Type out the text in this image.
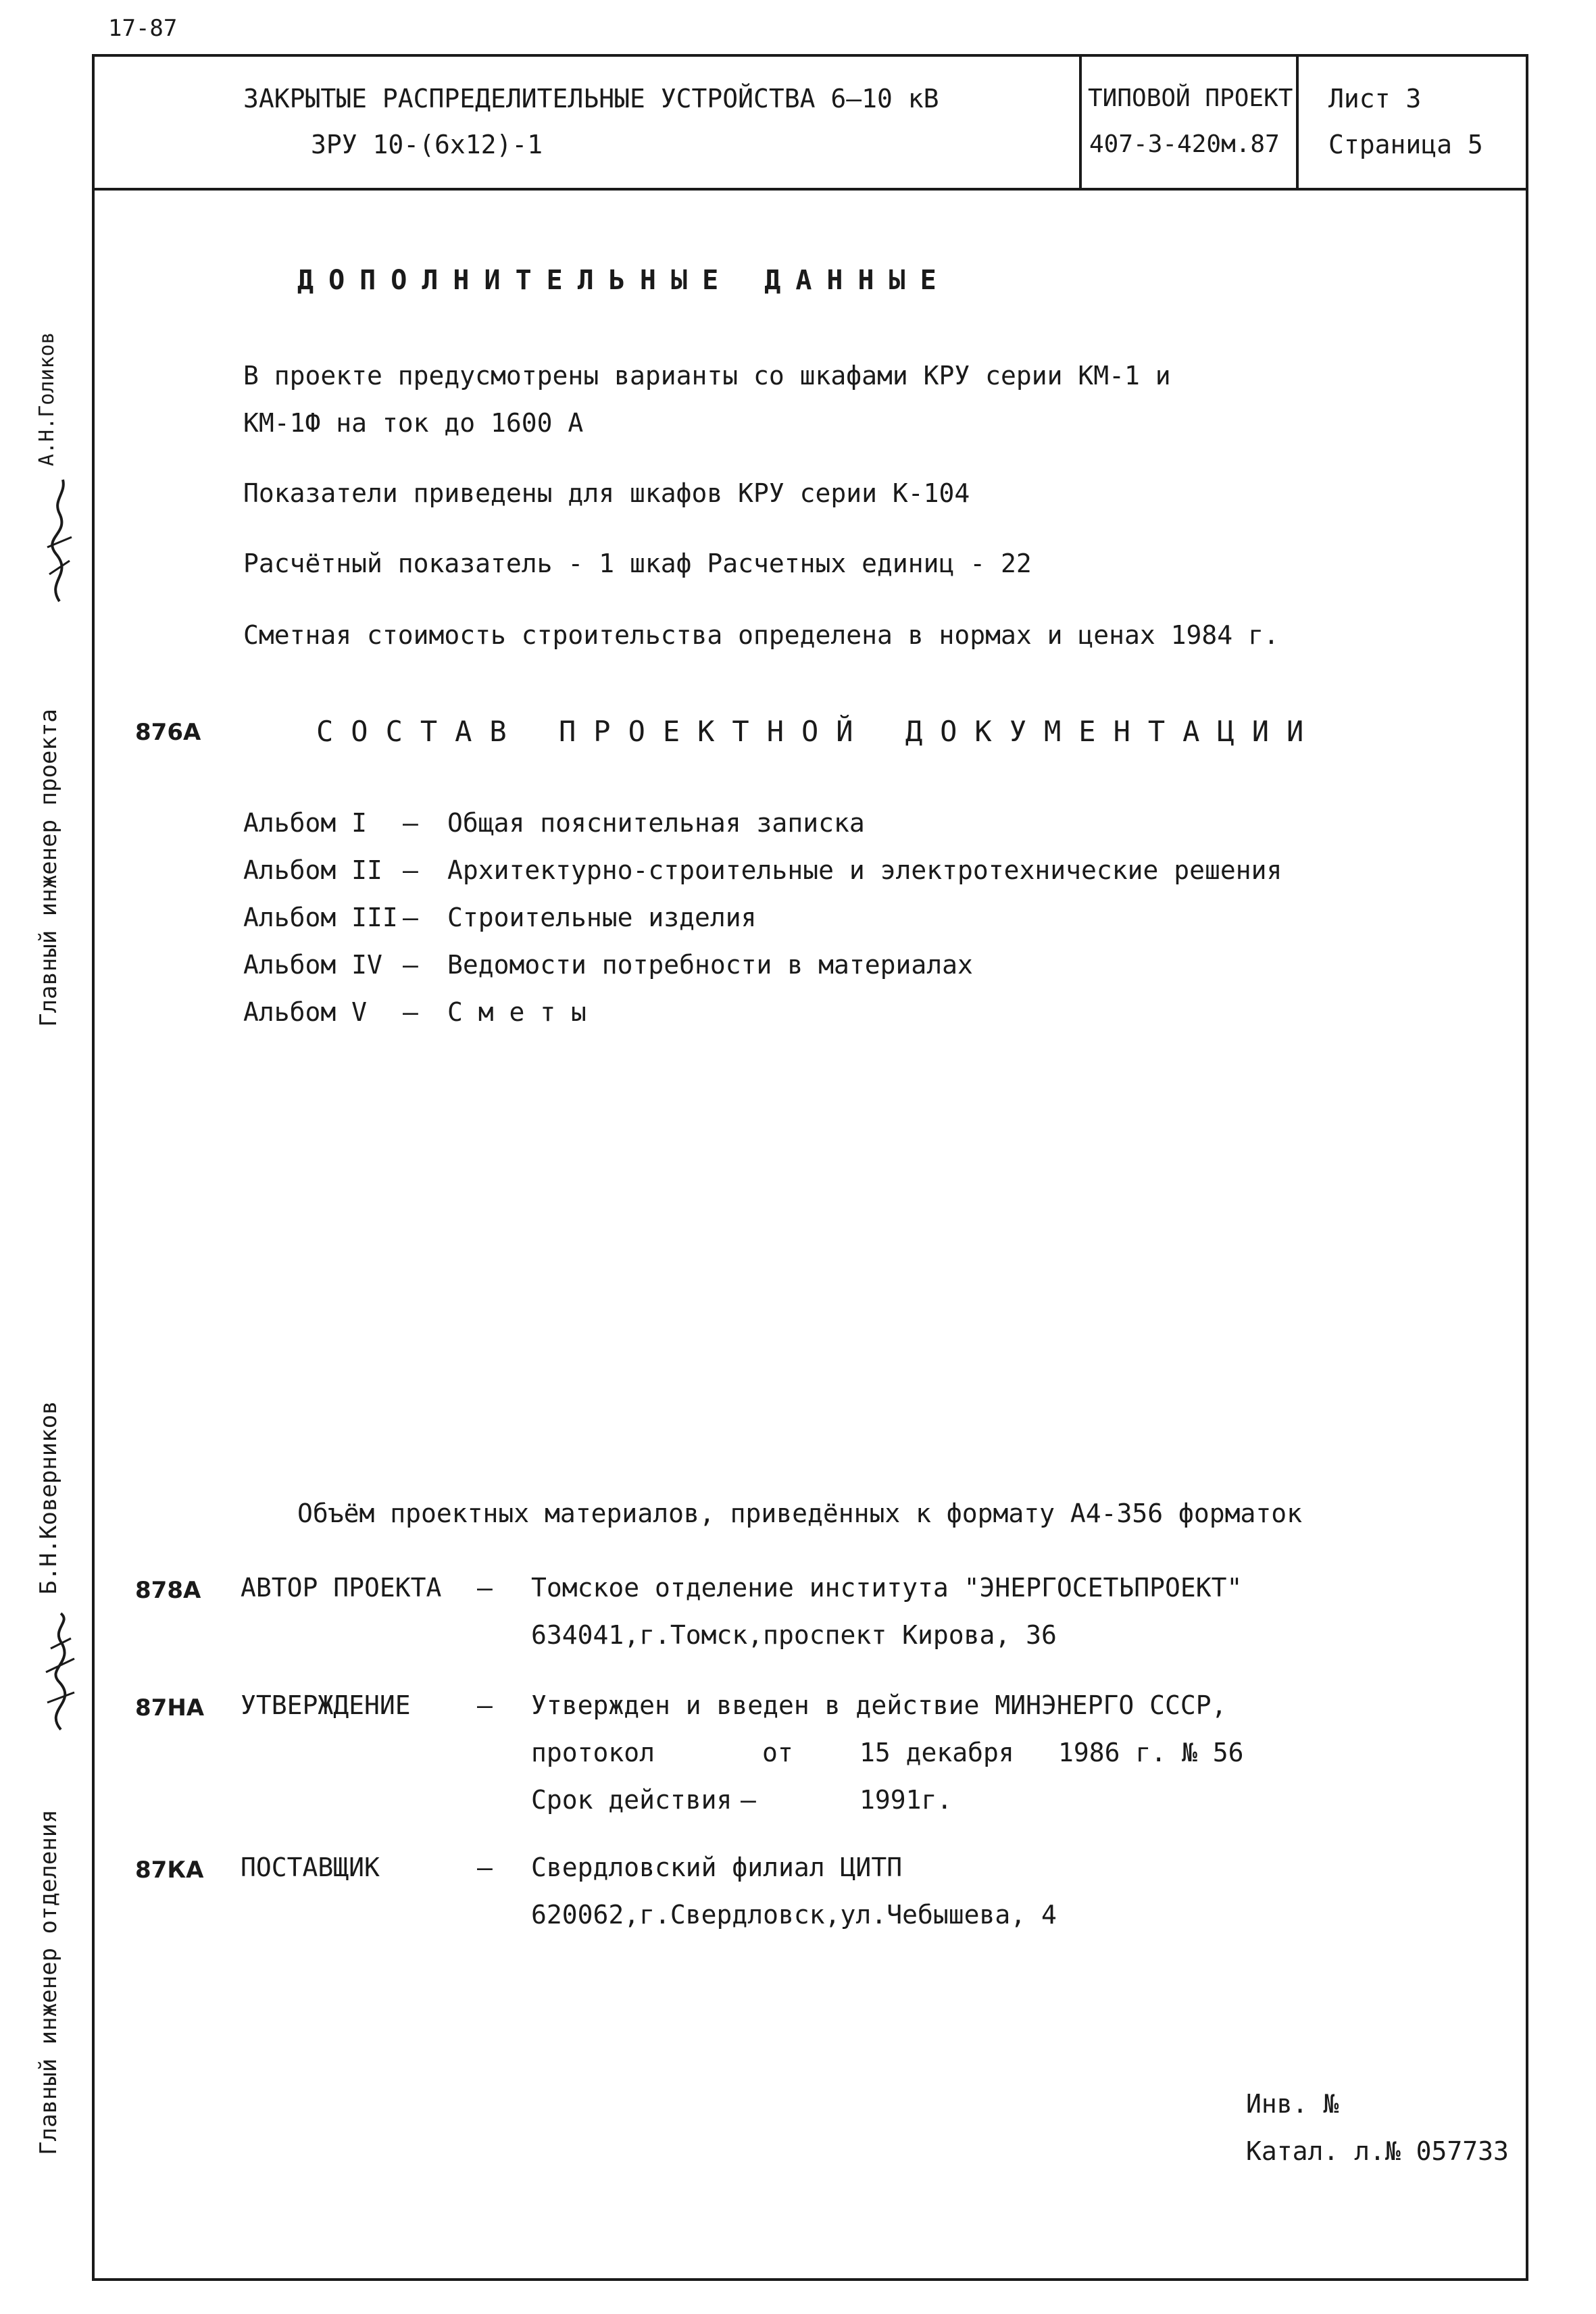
17-87
ЗАКРЫТЫЕ РАСПРЕДЕЛИТЕЛЬНЫЕ УСТРОЙСТВА 6–10 кВ
ЗРУ 10-(6х12)-1
ТИПОВОЙ ПРОЕКТ
407-3-420м.87
Лист 3
Страница 5
Главный инженер проекта
А.Н.Голиков
Главный инженер отделения
Б.Н.Коверников
ДОПОЛНИТЕЛЬНЫЕ ДАННЫЕ
В проекте предусмотрены варианты со шкафами КРУ серии КМ-1 и
КМ-1Ф на ток до 1600 А
Показатели приведены для шкафов КРУ серии К-104
Расчётный показатель - 1 шкаф Расчетных единиц - 22
Сметная стоимость строительства определена в нормах и ценах 1984 г.
876А	СОСТАВ ПРОЕКТНОЙ ДОКУМЕНТАЦИИ
Альбом I – Общая пояснительная записка
Альбом II – Архитектурно-строительные и электротехнические решения
Альбом III – Строительные изделия
Альбом IV – Ведомости потребности в материалах
Альбом V – С м е т ы
Объём проектных материалов, приведённых к формату А4-356 форматок
878А АВТОР ПРОЕКТА – Томское отделение института "ЭНЕРГОСЕТЬПРОЕКТ"
634041,г.Томск,проспект Кирова, 36
87НА УТВЕРЖДЕНИЕ	– Утвержден и введен в действие МИНЭНЕРГО СССР,
протокол	от	15 декабря 1986 г. № 56
Срок действия –	1991г.
87КА ПОСТАВЩИК	– Свердловский филиал ЦИТП
620062,г.Свердловск,ул.Чебышева, 4
Инв. №
Катал. л.№ 057733
